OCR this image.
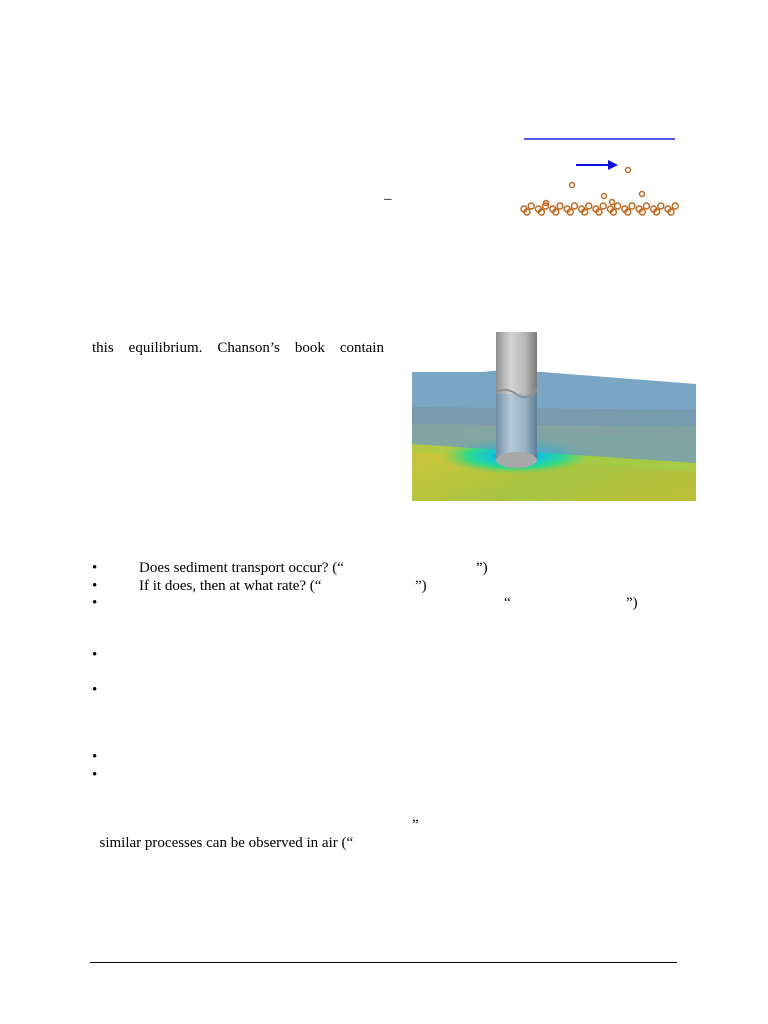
–
this equilibrium. Chanson’s book contain
•	Does sediment transport occur? (“	”)
•	If it does, then at what rate? (“	”)
•	“	”)
•
•
•
•

similar processes can be observed in air (“

”
